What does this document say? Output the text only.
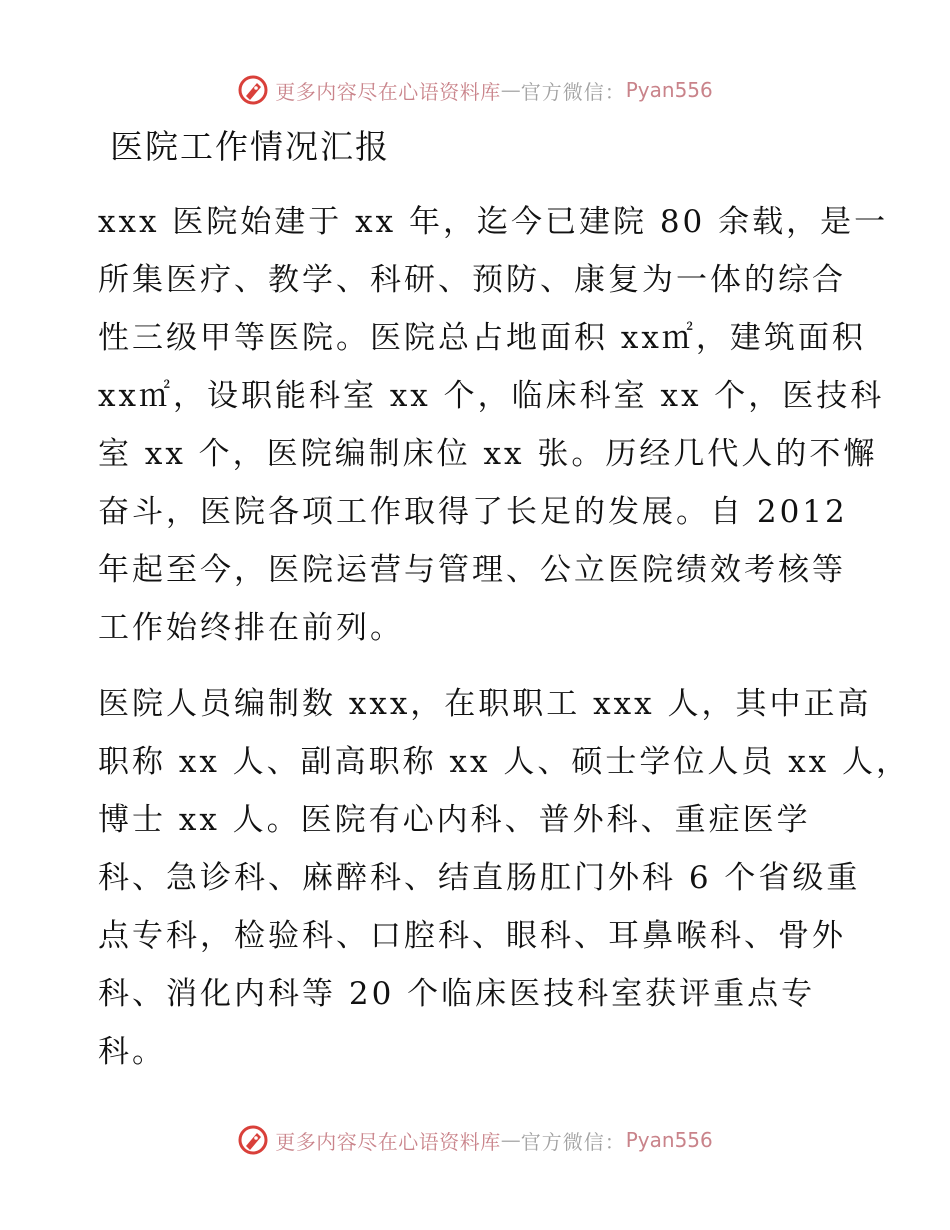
更多内容尽在心语资料库 — 官方微信： Pyan556
医院工作情况汇报
xxx 医院始建于 xx 年，迄今已建院 80 余载，是一
所集医疗、教学、科研、预防、康复为一体的综合
性三级甲等医院。医院总占地面积 xx㎡，建筑面积
xx㎡，设职能科室 xx 个，临床科室 xx 个，医技科
室 xx 个，医院编制床位 xx 张。历经几代人的不懈
奋斗，医院各项工作取得了长足的发展。自 2012
年起至今，医院运营与管理、公立医院绩效考核等
工作始终排在前列。
医院人员编制数 xxx，在职职工 xxx 人，其中正高
职称 xx 人、副高职称 xx 人、硕士学位人员 xx 人，
博士 xx 人。医院有心内科、普外科、重症医学
科、急诊科、麻醉科、结直肠肛门外科 6 个省级重
点专科，检验科、口腔科、眼科、耳鼻喉科、骨外
科、消化内科等 20 个临床医技科室获评重点专
科。
更多内容尽在心语资料库 — 官方微信： Pyan556
